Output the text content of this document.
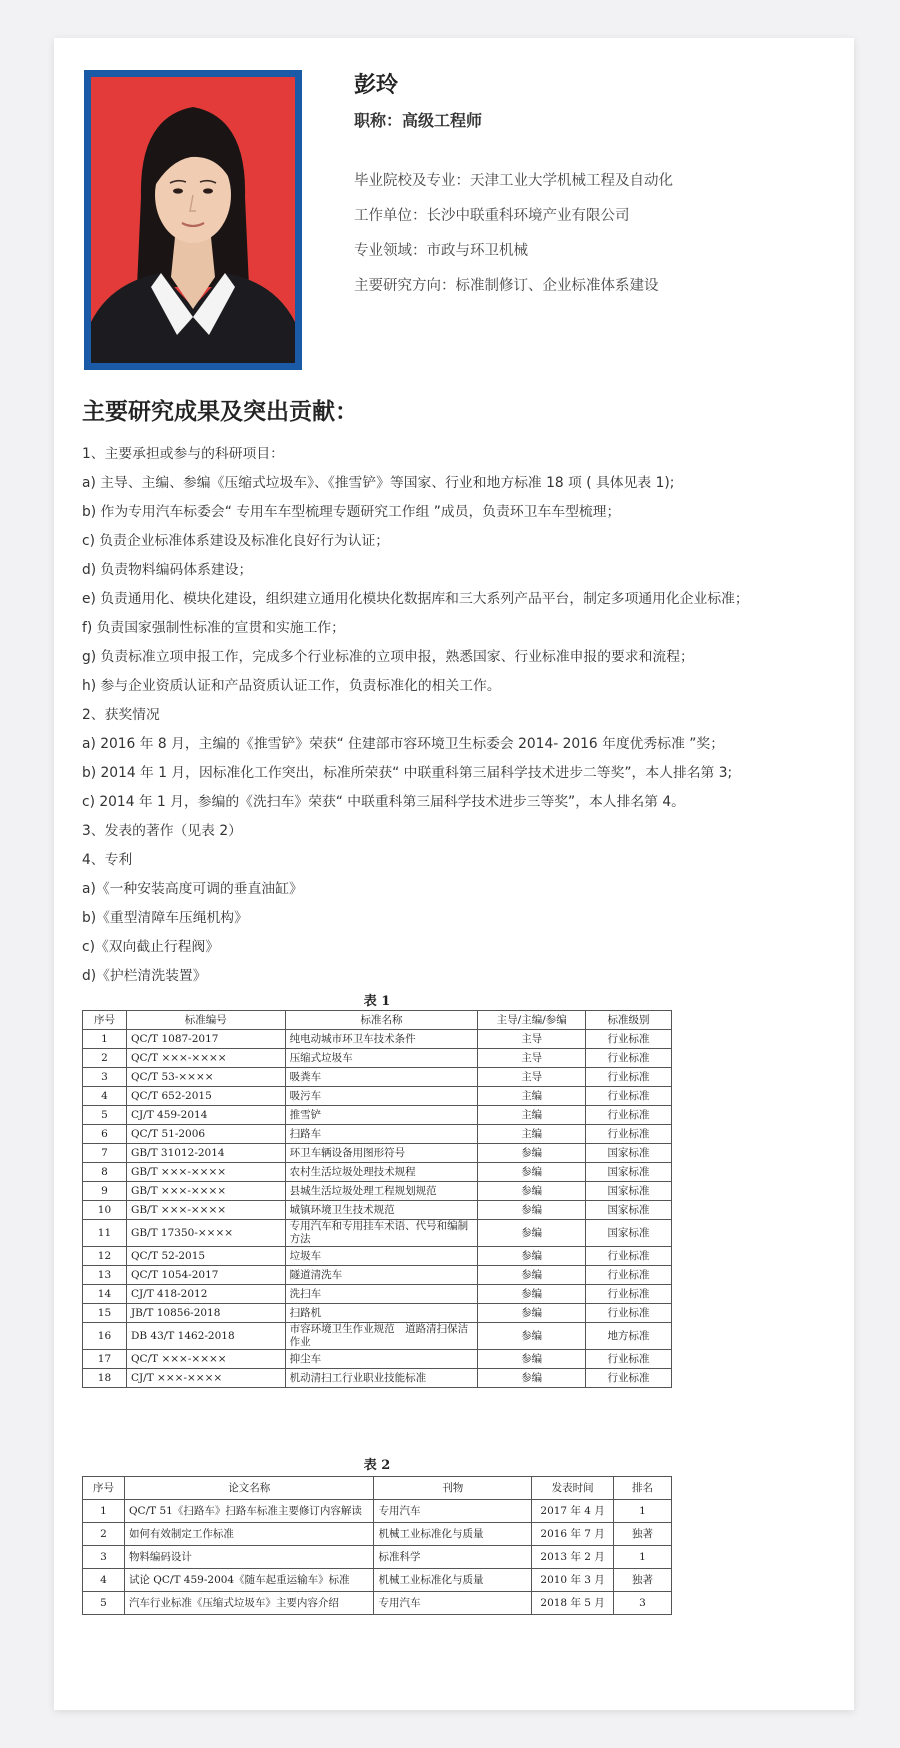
彭玲
职称：高级工程师
毕业院校及专业：天津工业大学机械工程及自动化
工作单位：长沙中联重科环境产业有限公司
专业领域：市政与环卫机械
主要研究方向：标准制修订、企业标准体系建设
主要研究成果及突出贡献：
1、主要承担或参与的科研项目：
a) 主导、主编、参编《压缩式垃圾车》、《推雪铲》等国家、行业和地方标准 18 项 ( 具体见表 1);
b) 作为专用汽车标委会“ 专用车车型梳理专题研究工作组 ”成员，负责环卫车车型梳理；
c) 负责企业标准体系建设及标准化良好行为认证；
d) 负责物料编码体系建设；
e) 负责通用化、模块化建设，组织建立通用化模块化数据库和三大系列产品平台，制定多项通用化企业标准；
f) 负责国家强制性标准的宣贯和实施工作；
g) 负责标准立项申报工作，完成多个行业标准的立项申报，熟悉国家、行业标准申报的要求和流程；
h) 参与企业资质认证和产品资质认证工作，负责标准化的相关工作。
2、获奖情况
a) 2016 年 8 月，主编的《推雪铲》荣获“ 住建部市容环境卫生标委会 2014- 2016 年度优秀标准 ”奖；
b) 2014 年 1 月，因标准化工作突出，标准所荣获“ 中联重科第三届科学技术进步二等奖”，本人排名第 3;
c) 2014 年 1 月，参编的《洗扫车》荣获“ 中联重科第三届科学技术进步三等奖”，本人排名第 4。
3、发表的著作（见表 2）
4、专利
a)《一种安装高度可调的垂直油缸》
b)《重型清障车压绳机构》
c)《双向截止行程阀》
d)《护栏清洗装置》
表 1
序号	标准编号	标准名称	主导/主编/参编	标准级别
1	QC/T 1087-2017	纯电动城市环卫车技术条件	主导	行业标准
2	QC/T ×××-××××	压缩式垃圾车	主导	行业标准
3	QC/T 53-××××	吸粪车	主导	行业标准
4	QC/T 652-2015	吸污车	主编	行业标准
5	CJ/T 459-2014	推雪铲	主编	行业标准
6	QC/T 51-2006	扫路车	主编	行业标准
7	GB/T 31012-2014	环卫车辆设备用图形符号	参编	国家标准
8	GB/T ×××-××××	农村生活垃圾处理技术规程	参编	国家标准
9	GB/T ×××-××××	县城生活垃圾处理工程规划规范	参编	国家标准
10	GB/T ×××-××××	城镇环境卫生技术规范	参编	国家标准
11	GB/T 17350-××××	专用汽车和专用挂车术语、代号和编制方法	参编	国家标准
12	QC/T 52-2015	垃圾车	参编	行业标准
13	QC/T 1054-2017	隧道清洗车	参编	行业标准
14	CJ/T 418-2012	洗扫车	参编	行业标准
15	JB/T 10856-2018	扫路机	参编	行业标准
16	DB 43/T 1462-2018	市容环境卫生作业规范　道路清扫保洁作业	参编	地方标准
17	QC/T ×××-××××	抑尘车	参编	行业标准
18	CJ/T ×××-××××	机动清扫工行业职业技能标准	参编	行业标准
表 2
序号	论文名称	刊物	发表时间	排名
1	QC/T 51《扫路车》扫路车标准主要修订内容解读	专用汽车	2017 年 4 月	1
2	如何有效制定工作标准	机械工业标准化与质量	2016 年 7 月	独著
3	物料编码设计	标准科学	2013 年 2 月	1
4	试论 QC/T 459-2004《随车起重运输车》标准	机械工业标准化与质量	2010 年 3 月	独著
5	汽车行业标准《压缩式垃圾车》主要内容介绍	专用汽车	2018 年 5 月	3
